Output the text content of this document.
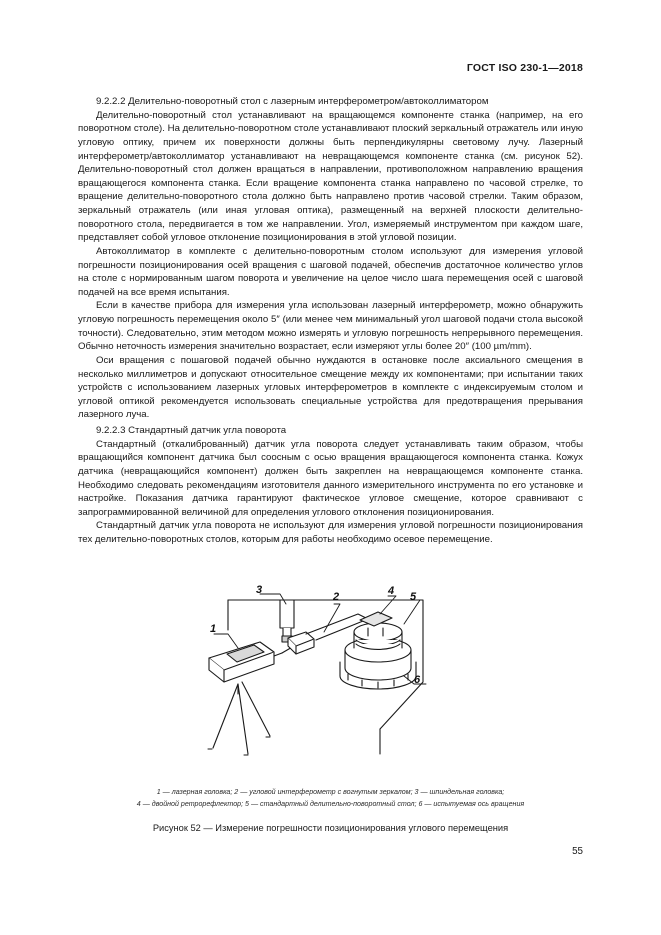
ГОСТ ISO 230-1—2018

9.2.2.2 Делительно-поворотный стол с лазерным интерферометром/автоколлиматором

Делительно-поворотный стол устанавливают на вращающемся компоненте станка (например, на его поворотном столе). На делительно-поворотном столе устанавливают плоский зеркальный отражатель или иную угловую оптику, причем их поверхности должны быть перпендикулярны световому лучу. Лазерный интерферометр/автоколлиматор устанавливают на невращающемся компоненте станка (см. рисунок 52). Делительно-поворотный стол должен вращаться в направлении, противоположном направлению вращения вращающегося компонента станка. Если вращение компонента станка направлено по часовой стрелке, то вращение делительно-поворотного стола должно быть направлено против часовой стрелки. Таким образом, зеркальный отражатель (или иная угловая оптика), размещенный на верхней плоскости делительно-поворотного стола, передвигается в том же направлении. Угол, измеряемый инструментом при каждом шаге, представляет собой угловое отклонение позиционирования в этой угловой позиции.

Автоколлиматор в комплекте с делительно-поворотным столом используют для измерения угловой погрешности позиционирования осей вращения с шаговой подачей, обеспечив достаточное количество углов на столе с нормированным шагом поворота и увеличение на целое число шага перемещения осей с шаговой подачей на все время испытания.

Если в качестве прибора для измерения угла использован лазерный интерферометр, можно обнаружить угловую погрешность перемещения около 5″ (или менее чем минимальный угол шаговой подачи стола высокой точности). Следовательно, этим методом можно измерять и угловую погрешность непрерывного перемещения. Обычно неточность измерения значительно возрастает, если измеряют углы более 20″ (100 µm/mm).

Оси вращения с пошаговой подачей обычно нуждаются в остановке после аксиального смещения в несколько миллиметров и допускают относительное смещение между их компонентами; при испытании таких устройств с использованием лазерных угловых интерферометров в комплекте с индексируемым столом и угловой оптикой рекомендуется использовать специальные устройства для предотвращения прерывания лазерного луча.

9.2.2.3 Стандартный датчик угла поворота

Стандартный (откалиброванный) датчик угла поворота следует устанавливать таким образом, чтобы вращающийся компонент датчика был соосным с осью вращения вращающегося компонента станка. Кожух датчика (невращающийся компонент) должен быть закреплен на невращающемся компоненте станка. Необходимо следовать рекомендациям изготовителя данного измерительного инструмента по его установке и настройке. Показания датчика гарантируют фактическое угловое смещение, которое сравнивают с запрограммированной величиной для определения углового отклонения позиционирования.

Стандартный датчик угла поворота не используют для измерения угловой погрешности позиционирования тех делительно-поворотных столов, которым для работы необходимо осевое перемещение.

1
2
3	4 5
6
1 — лазерная головка; 2 — угловой интерферометр с вогнутым зеркалом; 3 — шпиндельная головка;
4 — двойной ретрорефлектор; 5 — стандартный делительно-поворотный стол; 6 — испытуемая ось вращения
Рисунок 52 — Измерение погрешности позиционирования углового перемещения
55
